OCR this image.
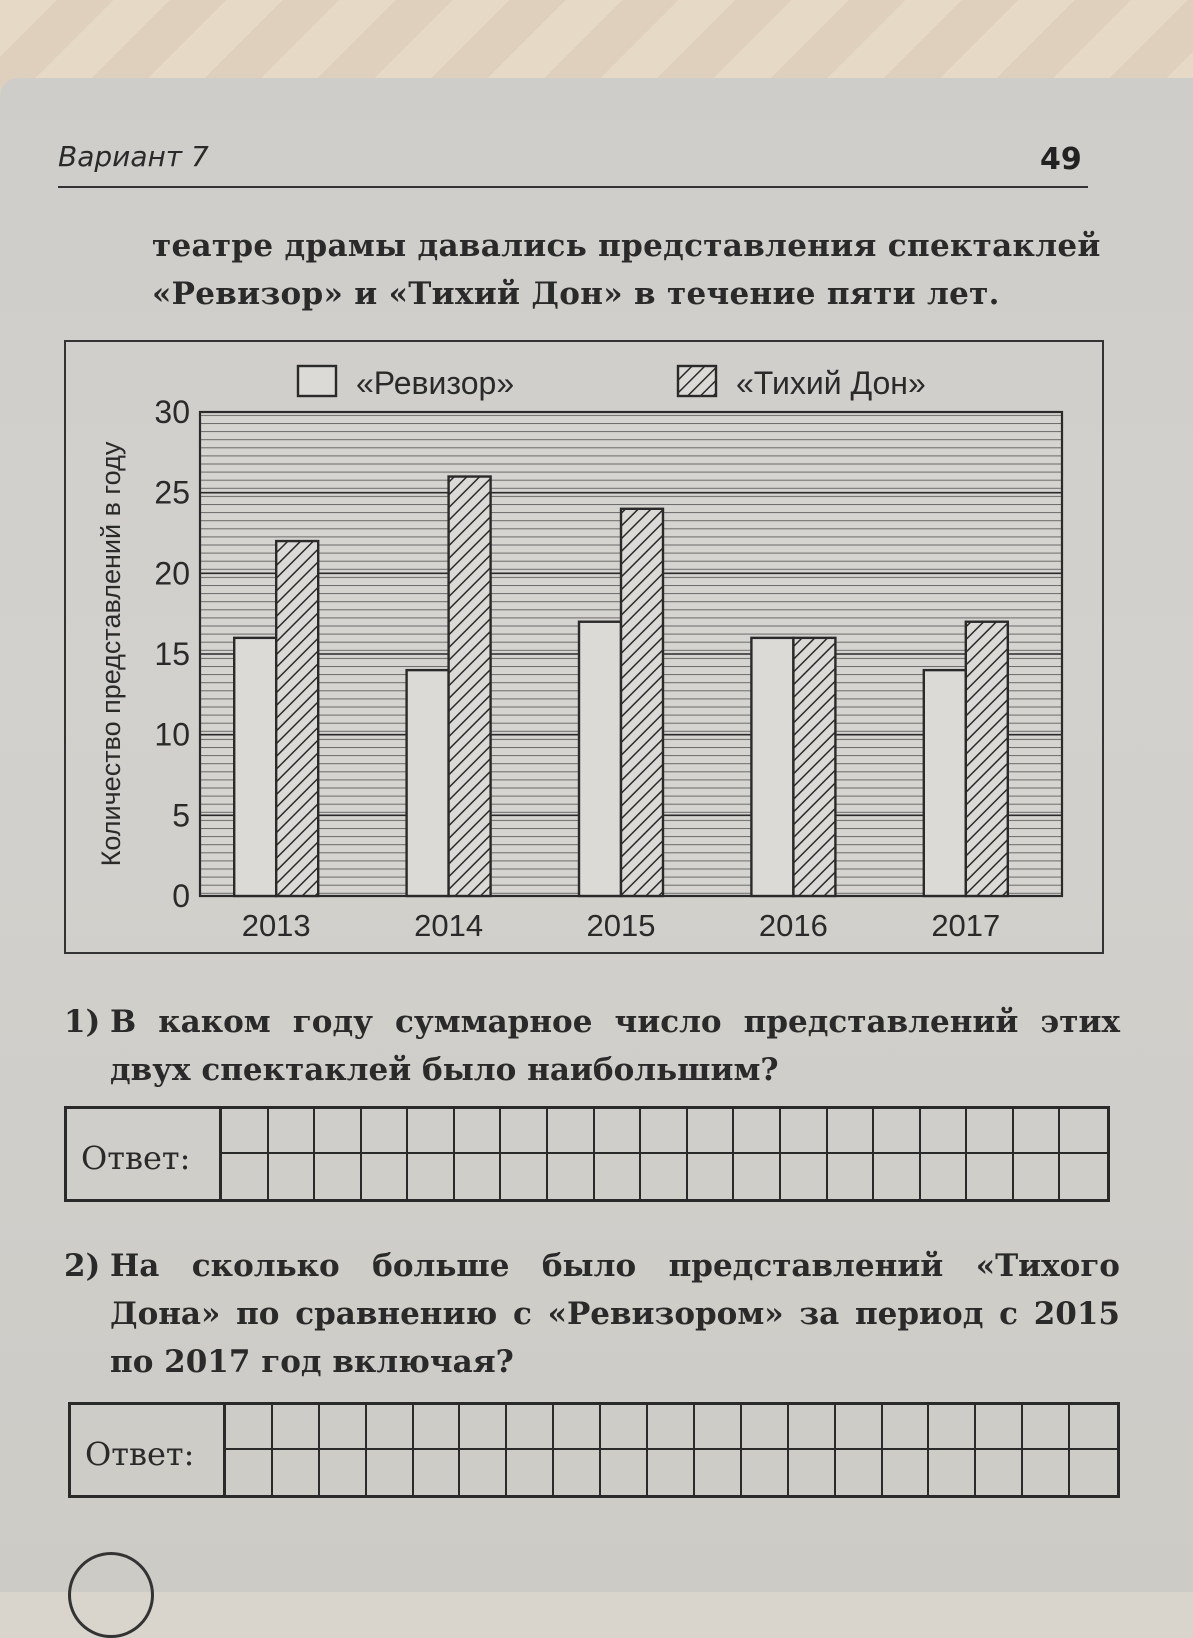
Вариант 7	49
театре драмы давались представления спектаклей
«Ревизор» и «Тихий Дон» в течение пяти лет.
0
5
10
15
20
25
30
Количество представлений в году
2013	2014	2015	2016	2017
«Ревизор»	«Тихий Дон»
1) В каком году суммарное число представлений этих двух спектаклей было наибольшим?
Ответ:
2) На сколько больше было представлений «Тихого Дона» по сравнению с «Ревизором» за период с 2015 по 2017 год включая?
Ответ:
